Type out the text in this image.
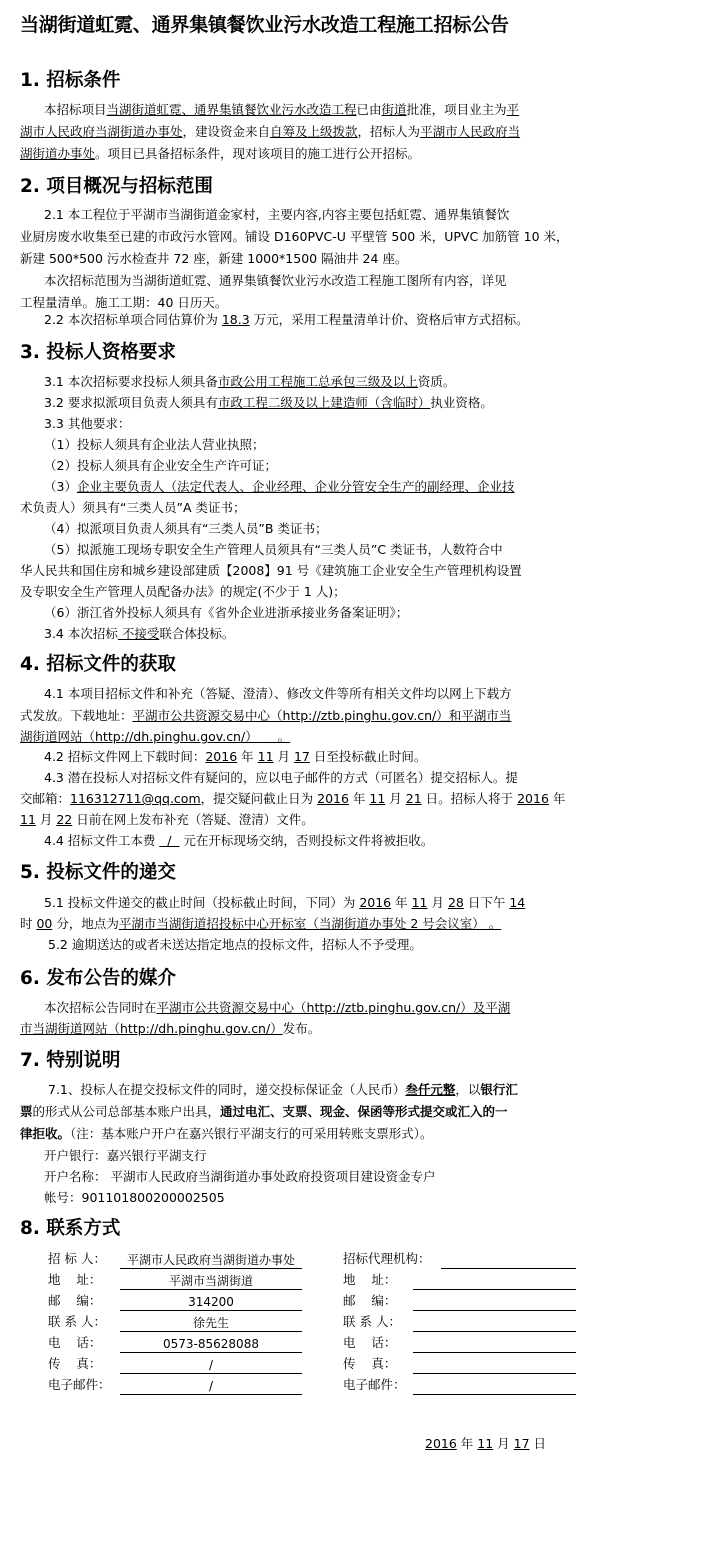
当湖街道虹霓、通界集镇餐饮业污水改造工程施工招标公告
1. 招标条件
本招标项目当湖街道虹霓、通界集镇餐饮业污水改造工程已由街道批准，项目业主为平
湖市人民政府当湖街道办事处，建设资金来自自筹及上级拨款，招标人为平湖市人民政府当
湖街道办事处。项目已具备招标条件，现对该项目的施工进行公开招标。
2. 项目概况与招标范围
2.1 本工程位于平湖市当湖街道金家村，主要内容,内容主要包括虹霓、通界集镇餐饮
业厨房废水收集至已建的市政污水管网。铺设 D160PVC-U 平壁管 500 米，UPVC 加筋管 10 米，
新建 500*500 污水检查井 72 座，新建 1000*1500 隔油井 24 座。
本次招标范围为当湖街道虹霓、通界集镇餐饮业污水改造工程施工图所有内容，详见
工程量清单。施工工期：40 日历天。
2.2 本次招标单项合同估算价为 18.3 万元，采用工程量清单计价、资格后审方式招标。
3. 投标人资格要求
3.1 本次招标要求投标人须具备市政公用工程施工总承包三级及以上资质。
3.2 要求拟派项目负责人须具有市政工程二级及以上建造师（含临时）执业资格。
3.3 其他要求：
（1）投标人须具有企业法人营业执照；
（2）投标人须具有企业安全生产许可证；
（3）企业主要负责人（法定代表人、企业经理、企业分管安全生产的副经理、企业技
术负责人）须具有“三类人员”A 类证书；
（4）拟派项目负责人须具有“三类人员”B 类证书；
（5）拟派施工现场专职安全生产管理人员须具有“三类人员”C 类证书，人数符合中
华人民共和国住房和城乡建设部建质【2008】91 号《建筑施工企业安全生产管理机构设置
及专职安全生产管理人员配备办法》的规定(不少于 1 人)；
（6）浙江省外投标人须具有《省外企业进浙承接业务备案证明》；
3.4 本次招标 不接受联合体投标。
4. 招标文件的获取
4.1 本项目招标文件和补充（答疑、澄清）、修改文件等所有相关文件均以网上下载方
式发放。下载地址：平湖市公共资源交易中心（http://ztb.pinghu.gov.cn/）和平湖市当
湖街道网站（http://dh.pinghu.gov.cn/）     。
4.2 招标文件网上下载时间：2016 年 11 月 17 日至投标截止时间。
4.3 潜在投标人对招标文件有疑问的，应以电子邮件的方式（可匿名）提交招标人。提
交邮箱：116312711@qq.com，提交疑问截止日为 2016 年 11 月 21 日。招标人将于 2016 年
11 月 22 日前在网上发布补充（答疑、澄清）文件。
4.4 招标文件工本费   /   元在开标现场交纳，否则投标文件将被拒收。
5. 投标文件的递交
5.1 投标文件递交的截止时间（投标截止时间，下同）为 2016 年 11 月 28 日下午 14
时 00 分，地点为平湖市当湖街道招投标中心开标室（当湖街道办事处 2 号会议室） 。
5.2 逾期送达的或者未送达指定地点的投标文件，招标人不予受理。
6. 发布公告的媒介
本次招标公告同时在平湖市公共资源交易中心（http://ztb.pinghu.gov.cn/）及平湖
市当湖街道网站（http://dh.pinghu.gov.cn/）发布。
7. 特别说明
7.1、投标人在提交投标文件的同时，递交投标保证金（人民币）叁仟元整，以银行汇
票的形式从公司总部基本账户出具，通过电汇、支票、现金、保函等形式提交或汇入的一
律拒收。（注：基本账户开户在嘉兴银行平湖支行的可采用转账支票形式）。
开户银行：嘉兴银行平湖支行
开户名称： 平湖市人民政府当湖街道办事处政府投资项目建设资金专户
帐号：901101800200002505
8. 联系方式
2016 年 11 月 17 日
招 标 人： 平湖市人民政府当湖街道办事处
地    址：	平湖市当湖街道
邮    编：	314200
联 系 人：	徐先生
电    话：	0573-85628088
传    真：	/
电子邮件：	/
招标代理机构：
地    址：
邮    编：
联 系 人：
电    话：
传    真：
电子邮件：
